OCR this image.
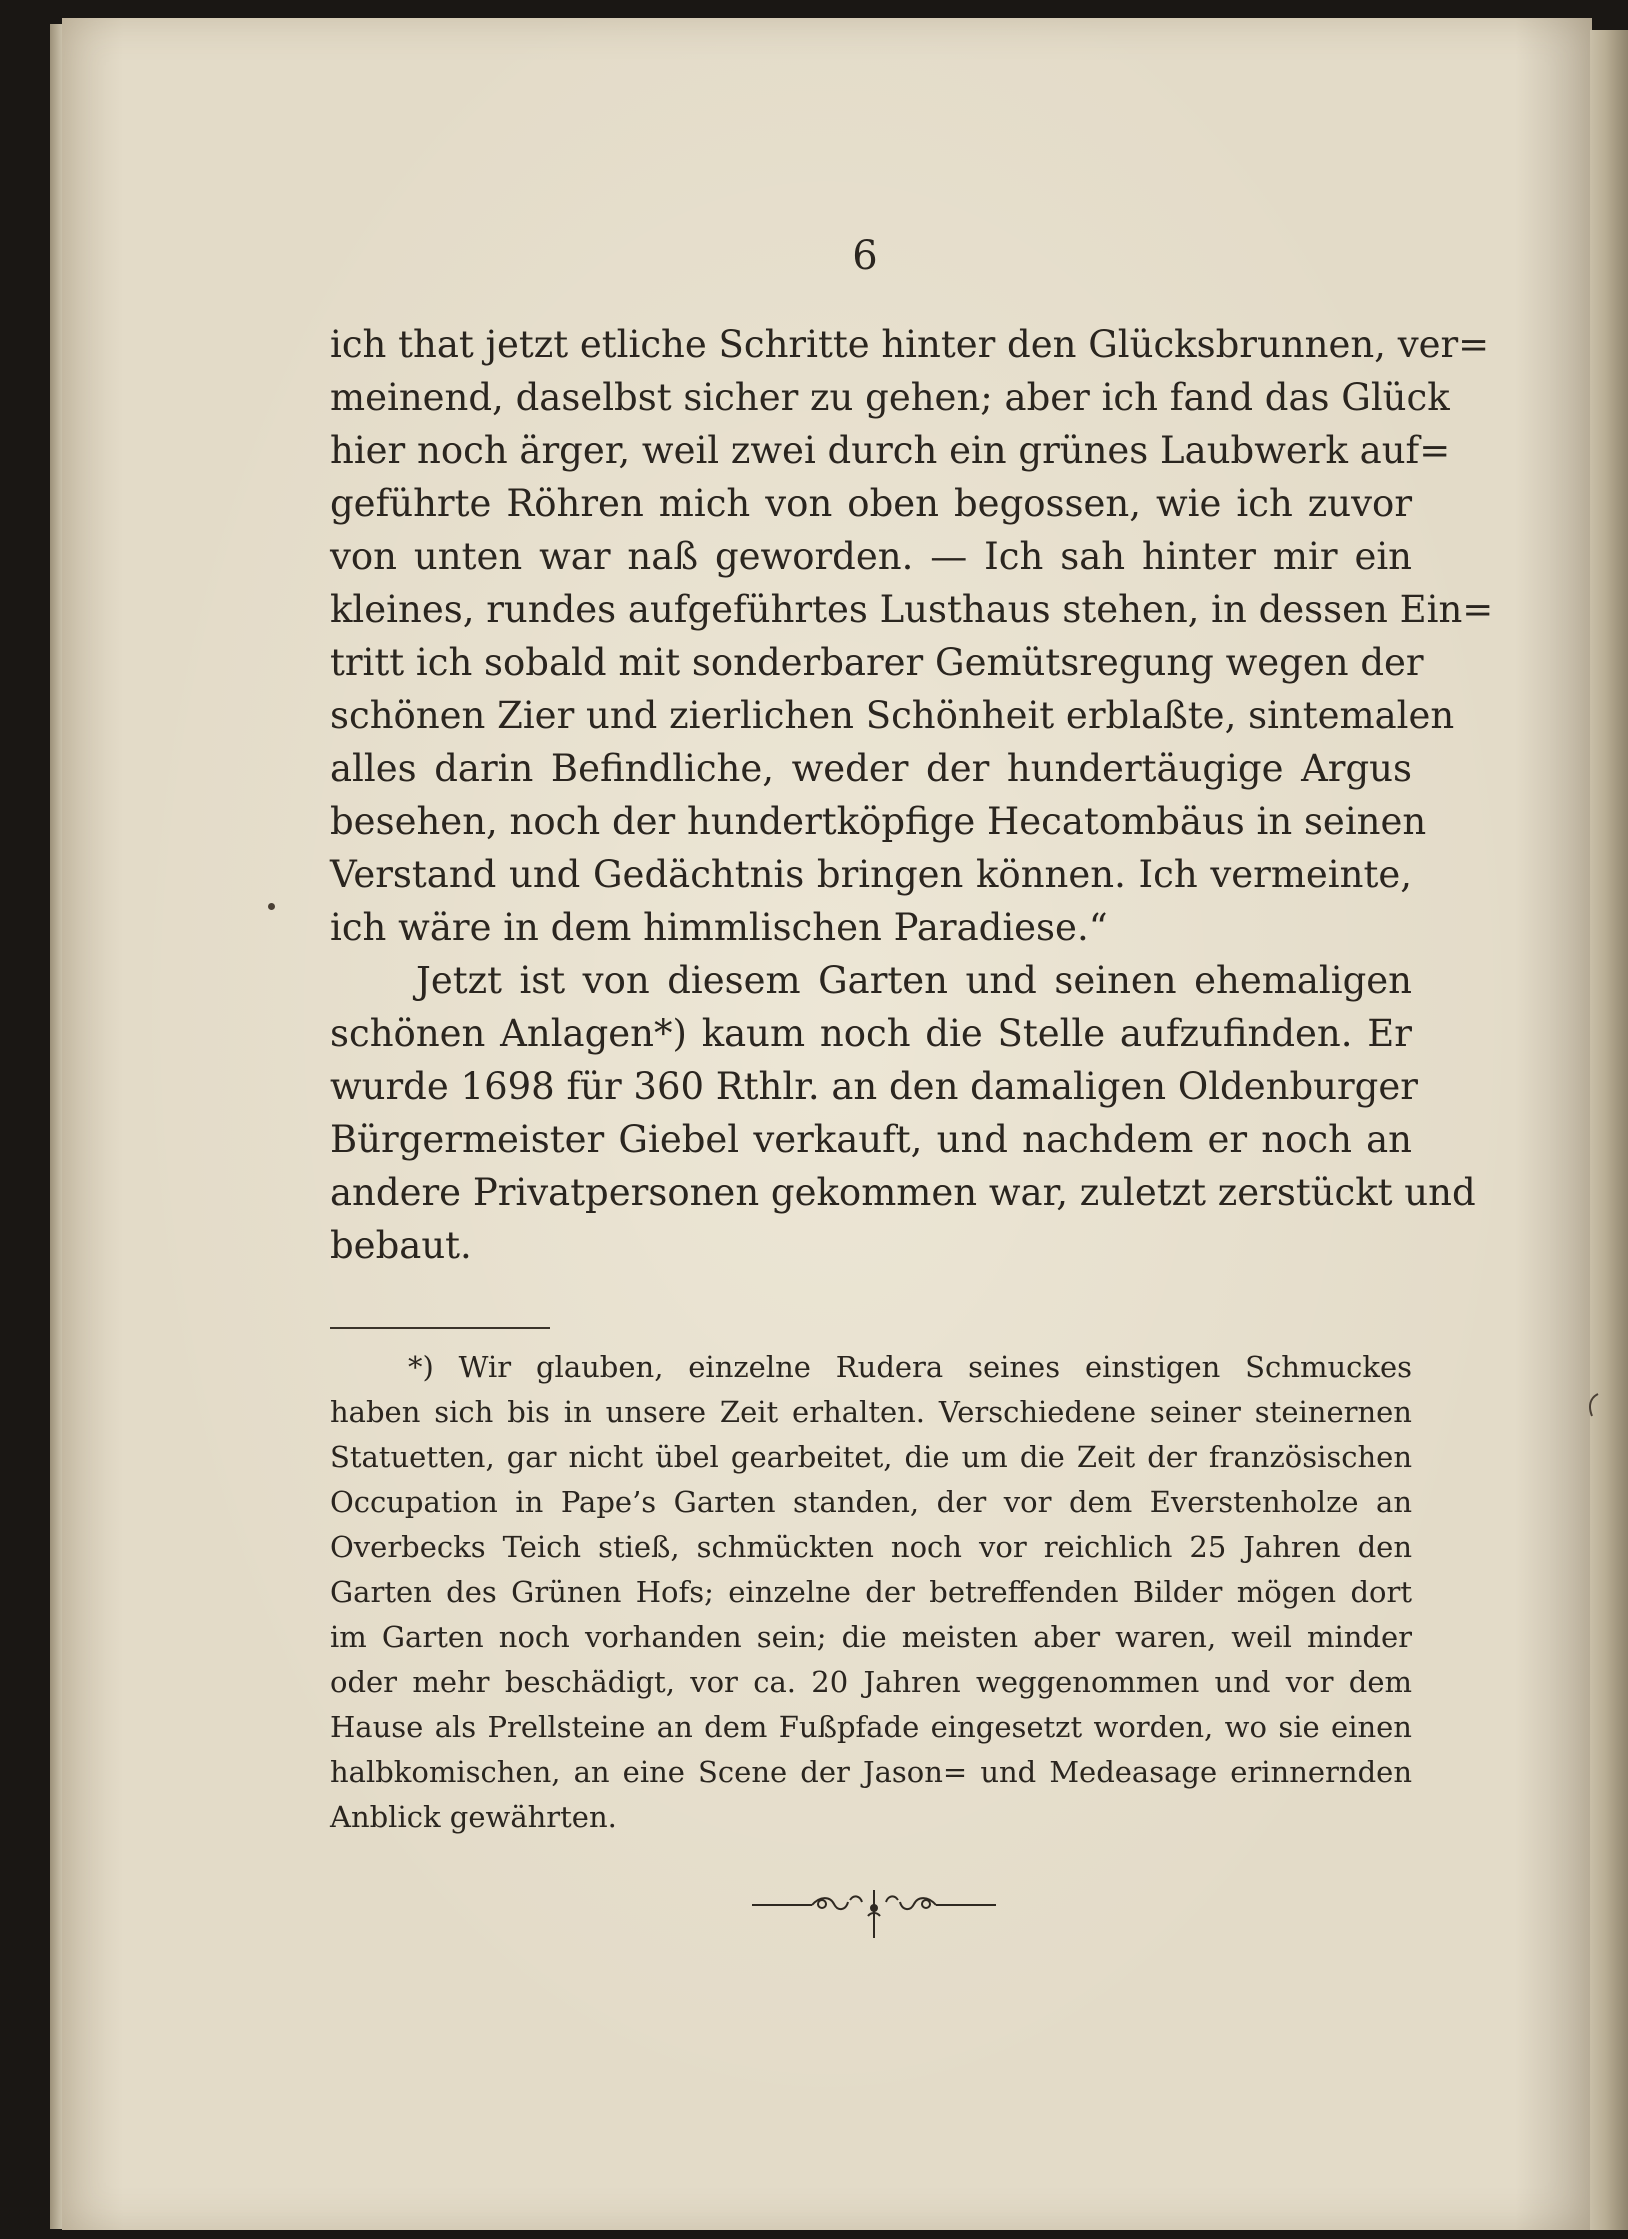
6
ich that jetzt etliche Schritte hinter den Glücksbrunnen, ver=
meinend, daselbst sicher zu gehen; aber ich fand das Glück
hier noch ärger, weil zwei durch ein grünes Laubwerk auf=
geführte Röhren mich von oben begossen, wie ich zuvor
von unten war naß geworden. — Ich sah hinter mir ein
kleines, rundes aufgeführtes Lusthaus stehen, in dessen Ein=
tritt ich sobald mit sonderbarer Gemütsregung wegen der
schönen Zier und zierlichen Schönheit erblaßte, sintemalen
alles darin Befindliche, weder der hundertäugige Argus
besehen, noch der hundertköpfige Hecatombäus in seinen
Verstand und Gedächtnis bringen können. Ich vermeinte,
ich wäre in dem himmlischen Paradiese.“
Jetzt ist von diesem Garten und seinen ehemaligen
schönen Anlagen*) kaum noch die Stelle aufzufinden. Er
wurde 1698 für 360 Rthlr. an den damaligen Oldenburger
Bürgermeister Giebel verkauft, und nachdem er noch an
andere Privatpersonen gekommen war, zuletzt zerstückt und
bebaut.
*) Wir glauben, einzelne Rudera seines einstigen Schmuckes
haben sich bis in unsere Zeit erhalten. Verschiedene seiner steinernen
Statuetten, gar nicht übel gearbeitet, die um die Zeit der französischen
Occupation in Pape’s Garten standen, der vor dem Everstenholze an
Overbecks Teich stieß, schmückten noch vor reichlich 25 Jahren den
Garten des Grünen Hofs; einzelne der betreffenden Bilder mögen dort
im Garten noch vorhanden sein; die meisten aber waren, weil minder
oder mehr beschädigt, vor ca. 20 Jahren weggenommen und vor dem
Hause als Prellsteine an dem Fußpfade eingesetzt worden, wo sie einen
halbkomischen, an eine Scene der Jason= und Medeasage erinnernden
Anblick gewährten.
